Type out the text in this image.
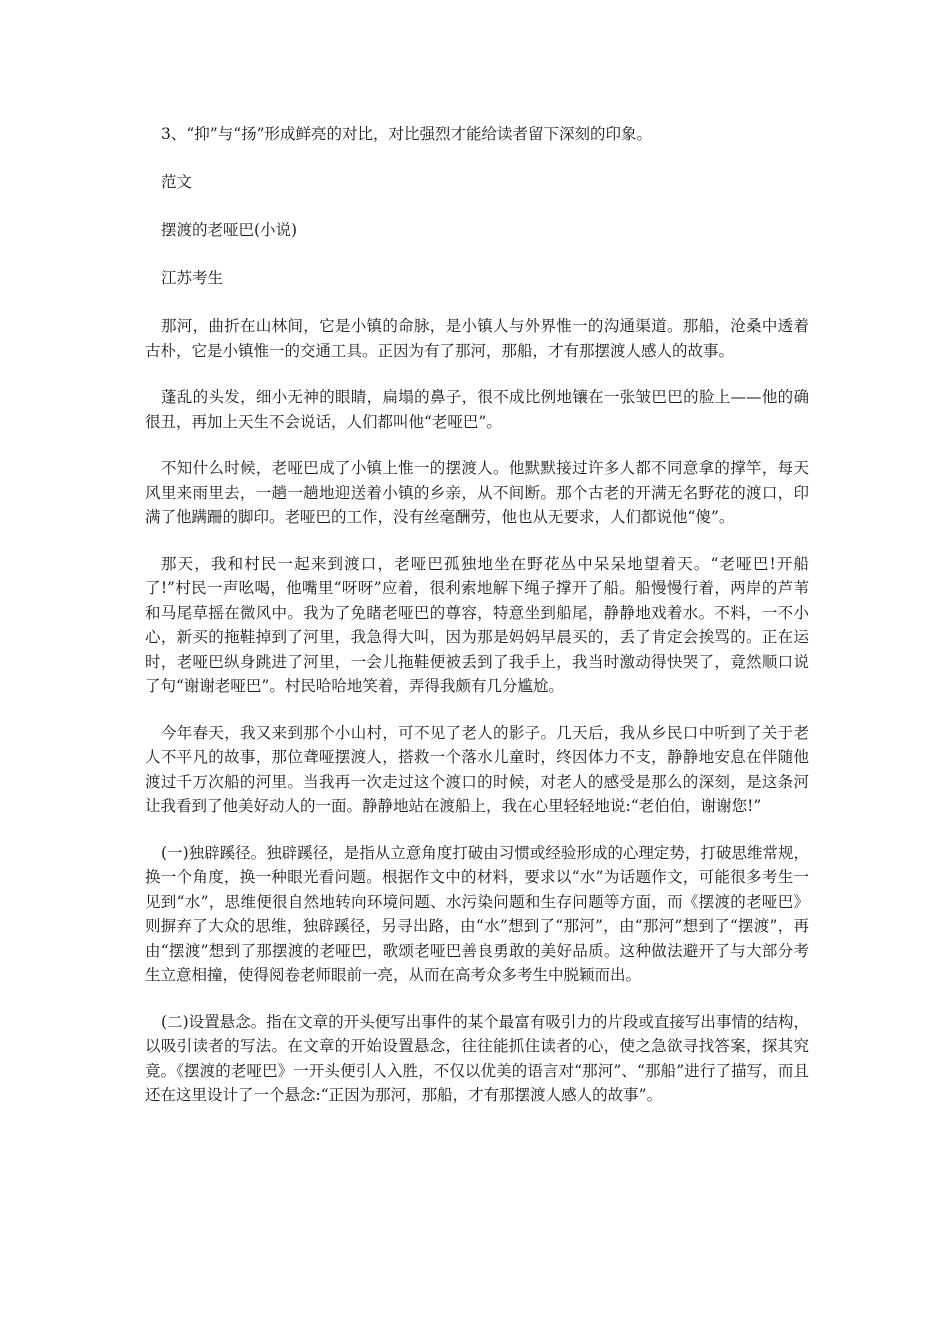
3、“抑”与“扬”形成鲜亮的对比，对比强烈才能给读者留下深刻的印象。
范文
摆渡的老哑巴(小说)
江苏考生

那河，曲折在山林间，它是小镇的命脉，是小镇人与外界惟一的沟通渠道。那船，沧桑中透着古朴，它是小镇惟一的交通工具。正因为有了那河，那船，才有那摆渡人感人的故事。

蓬乱的头发，细小无神的眼睛，扁塌的鼻子，很不成比例地镶在一张皱巴巴的脸上——他的确很丑，再加上天生不会说话，人们都叫他“老哑巴”。

不知什么时候，老哑巴成了小镇上惟一的摆渡人。他默默接过许多人都不同意拿的撑竿，每天风里来雨里去，一趟一趟地迎送着小镇的乡亲，从不间断。那个古老的开满无名野花的渡口，印满了他蹒跚的脚印。老哑巴的工作，没有丝毫酬劳，他也从无要求，人们都说他“傻”。

那天，我和村民一起来到渡口，老哑巴孤独地坐在野花丛中呆呆地望着天。“老哑巴!开船了!”村民一声吆喝，他嘴里“呀呀”应着，很利索地解下绳子撑开了船。船慢慢行着，两岸的芦苇和马尾草摇在微风中。我为了免睹老哑巴的尊容，特意坐到船尾，静静地戏着水。不料，一不小心，新买的拖鞋掉到了河里，我急得大叫，因为那是妈妈早晨买的，丢了肯定会挨骂的。正在运时，老哑巴纵身跳进了河里，一会儿拖鞋便被丢到了我手上，我当时激动得快哭了，竟然顺口说了句“谢谢老哑巴”。村民哈哈地笑着，弄得我颇有几分尴尬。

今年春天，我又来到那个小山村，可不见了老人的影子。几天后，我从乡民口中听到了关于老人不平凡的故事，那位聋哑摆渡人，搭救一个落水儿童时，终因体力不支，静静地安息在伴随他渡过千万次船的河里。当我再一次走过这个渡口的时候，对老人的感受是那么的深刻，是这条河让我看到了他美好动人的一面。静静地站在渡船上，我在心里轻轻地说:“老伯伯，谢谢您!”

(一)独辟蹊径。独辟蹊径，是指从立意角度打破由习惯或经验形成的心理定势，打破思维常规，换一个角度，换一种眼光看问题。根据作文中的材料，要求以“水”为话题作文，可能很多考生一见到“水”，思维便很自然地转向环境问题、水污染问题和生存问题等方面，而《摆渡的老哑巴》则摒弃了大众的思维，独辟蹊径，另寻出路，由“水”想到了“那河”，由“那河”想到了“摆渡”，再由“摆渡”想到了那摆渡的老哑巴，歌颂老哑巴善良勇敢的美好品质。这种做法避开了与大部分考生立意相撞，使得阅卷老师眼前一亮，从而在高考众多考生中脱颖而出。

(二)设置悬念。指在文章的开头便写出事件的某个最富有吸引力的片段或直接写出事情的结构，以吸引读者的写法。在文章的开始设置悬念，往往能抓住读者的心，使之急欲寻找答案，探其究竟。《摆渡的老哑巴》一开头便引人入胜，不仅以优美的语言对“那河”、“那船”进行了描写，而且还在这里设计了一个悬念:“正因为那河，那船，才有那摆渡人感人的故事”。
